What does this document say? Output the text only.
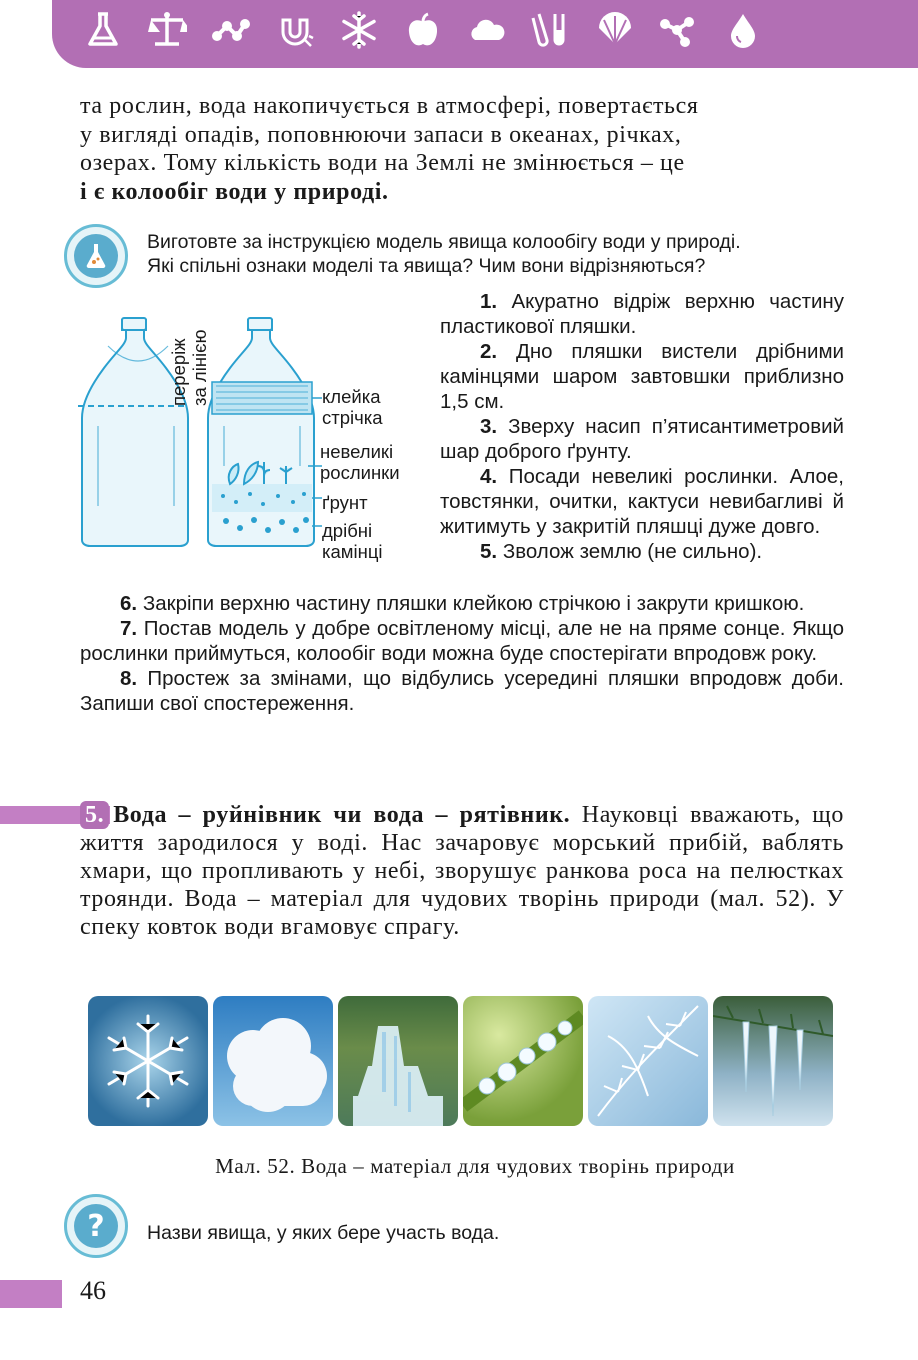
та рослин, вода накопичується в атмосфері, повертається

у вигляді опадів, поповнюючи запаси в океанах, річках,

озерах. Тому кількість води на Землі не змінюється – це

і є колообіг води у природі.

Виготовте за інструкцією модель явища колообігу води у природі.

Які спільні ознаки моделі та явища? Чим вони відрізняються?

переріж за лінією	клейка стрічка
невеликі рослинки
ґрунт
дрібні камінці

1. Акуратно відріж верхню частину пластикової пляшки.

2. Дно пляшки вистели дрібними камінцями шаром завтовшки приблизно 1,5 см.

3. Зверху насип п’ятисантиметровий шар доброго ґрунту.

4. Посади невеликі рослинки. Алое, товстянки, очитки, кактуси невибагливі й житимуть у закритій пляшці дуже довго.

5. Зволож землю (не сильно).

6. Закріпи верхню частину пляшки клейкою стрічкою і закрути кришкою.

7. Постав модель у добре освітленому місці, але не на пряме сонце. Якщо рослинки приймуться, колообіг води можна буде спостерігати впродовж року.

8. Простеж за змінами, що відбулись усередині пляшки впродовж доби. Запиши свої спостереження.

5. Вода – руйнівник чи вода – рятівник. Науковці вважають, що життя зародилося у воді. Нас зачаровує морський прибій, ваблять хмари, що пропливають у небі, зворушує ранкова роса на пелюстках троянди. Вода – матеріал для чудових творінь природи (мал. 52). У спеку ковток води вгамовує спрагу.

Мал. 52. Вода – матеріал для чудових творінь природи
? Назви явища, у яких бере участь вода.
46
